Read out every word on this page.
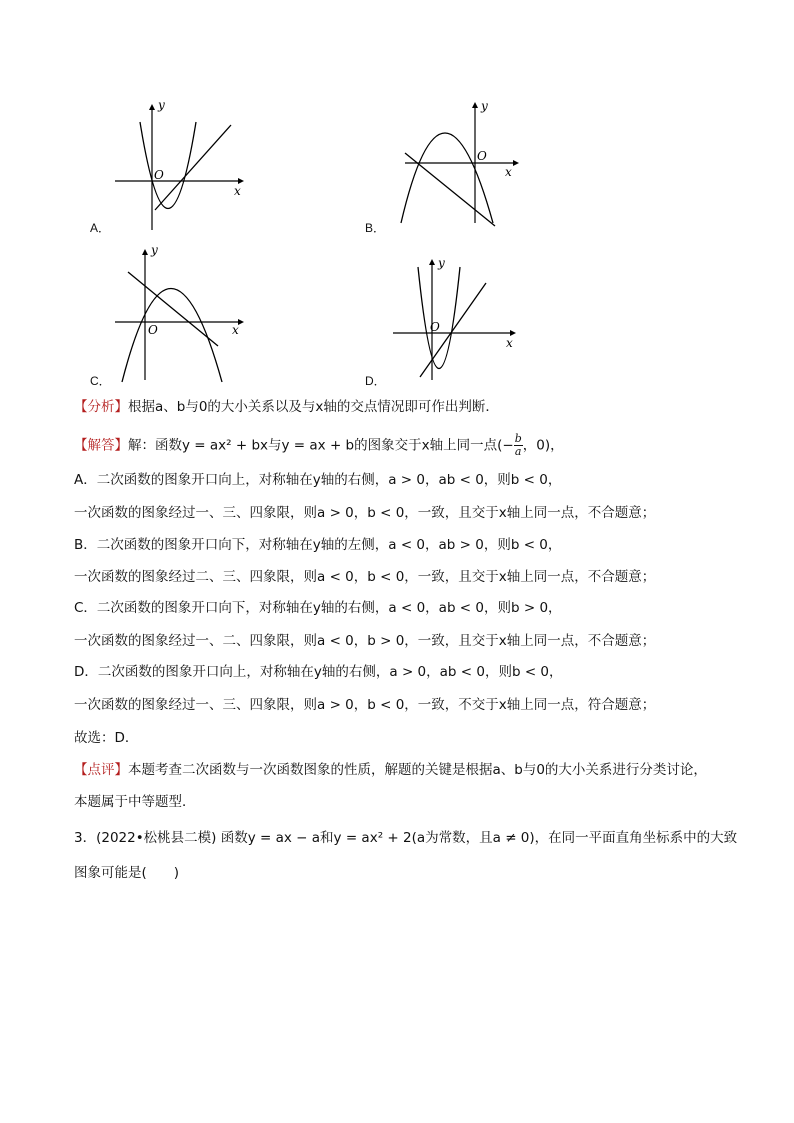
y
x
O
A．
y
x
O
B．
y
x
O
C．
y
x
O
D．
【分析】根据a、b与0的大小关系以及与x轴的交点情况即可作出判断．
【解答】解：函数y = ax² + bx与y = ax + b的图象交于x轴上同一点(− $\frac{b}{a}$ ，0)，
A．二次函数的图象开口向上，对称轴在y轴的右侧，a > 0，ab < 0，则b < 0，
一次函数的图象经过一、三、四象限，则a > 0，b < 0，一致，且交于x轴上同一点，不合题意；
B．二次函数的图象开口向下，对称轴在y轴的左侧，a < 0，ab > 0，则b < 0，
一次函数的图象经过二、三、四象限，则a < 0，b < 0，一致，且交于x轴上同一点，不合题意；
C．二次函数的图象开口向下，对称轴在y轴的右侧，a < 0，ab < 0，则b > 0，
一次函数的图象经过一、二、四象限，则a < 0，b > 0，一致，且交于x轴上同一点，不合题意；
D．二次函数的图象开口向上，对称轴在y轴的右侧，a > 0，ab < 0，则b < 0，
一次函数的图象经过一、三、四象限，则a > 0，b < 0，一致，不交于x轴上同一点，符合题意；
故选：D．
【点评】本题考查二次函数与一次函数图象的性质，解题的关键是根据a、b与0的大小关系进行分类讨论，
本题属于中等题型．
3．(2022•松桃县二模) 函数y = ax − a和y = ax² + 2(a为常数，且a ≠ 0)，在同一平面直角坐标系中的大致
图象可能是(　　)
